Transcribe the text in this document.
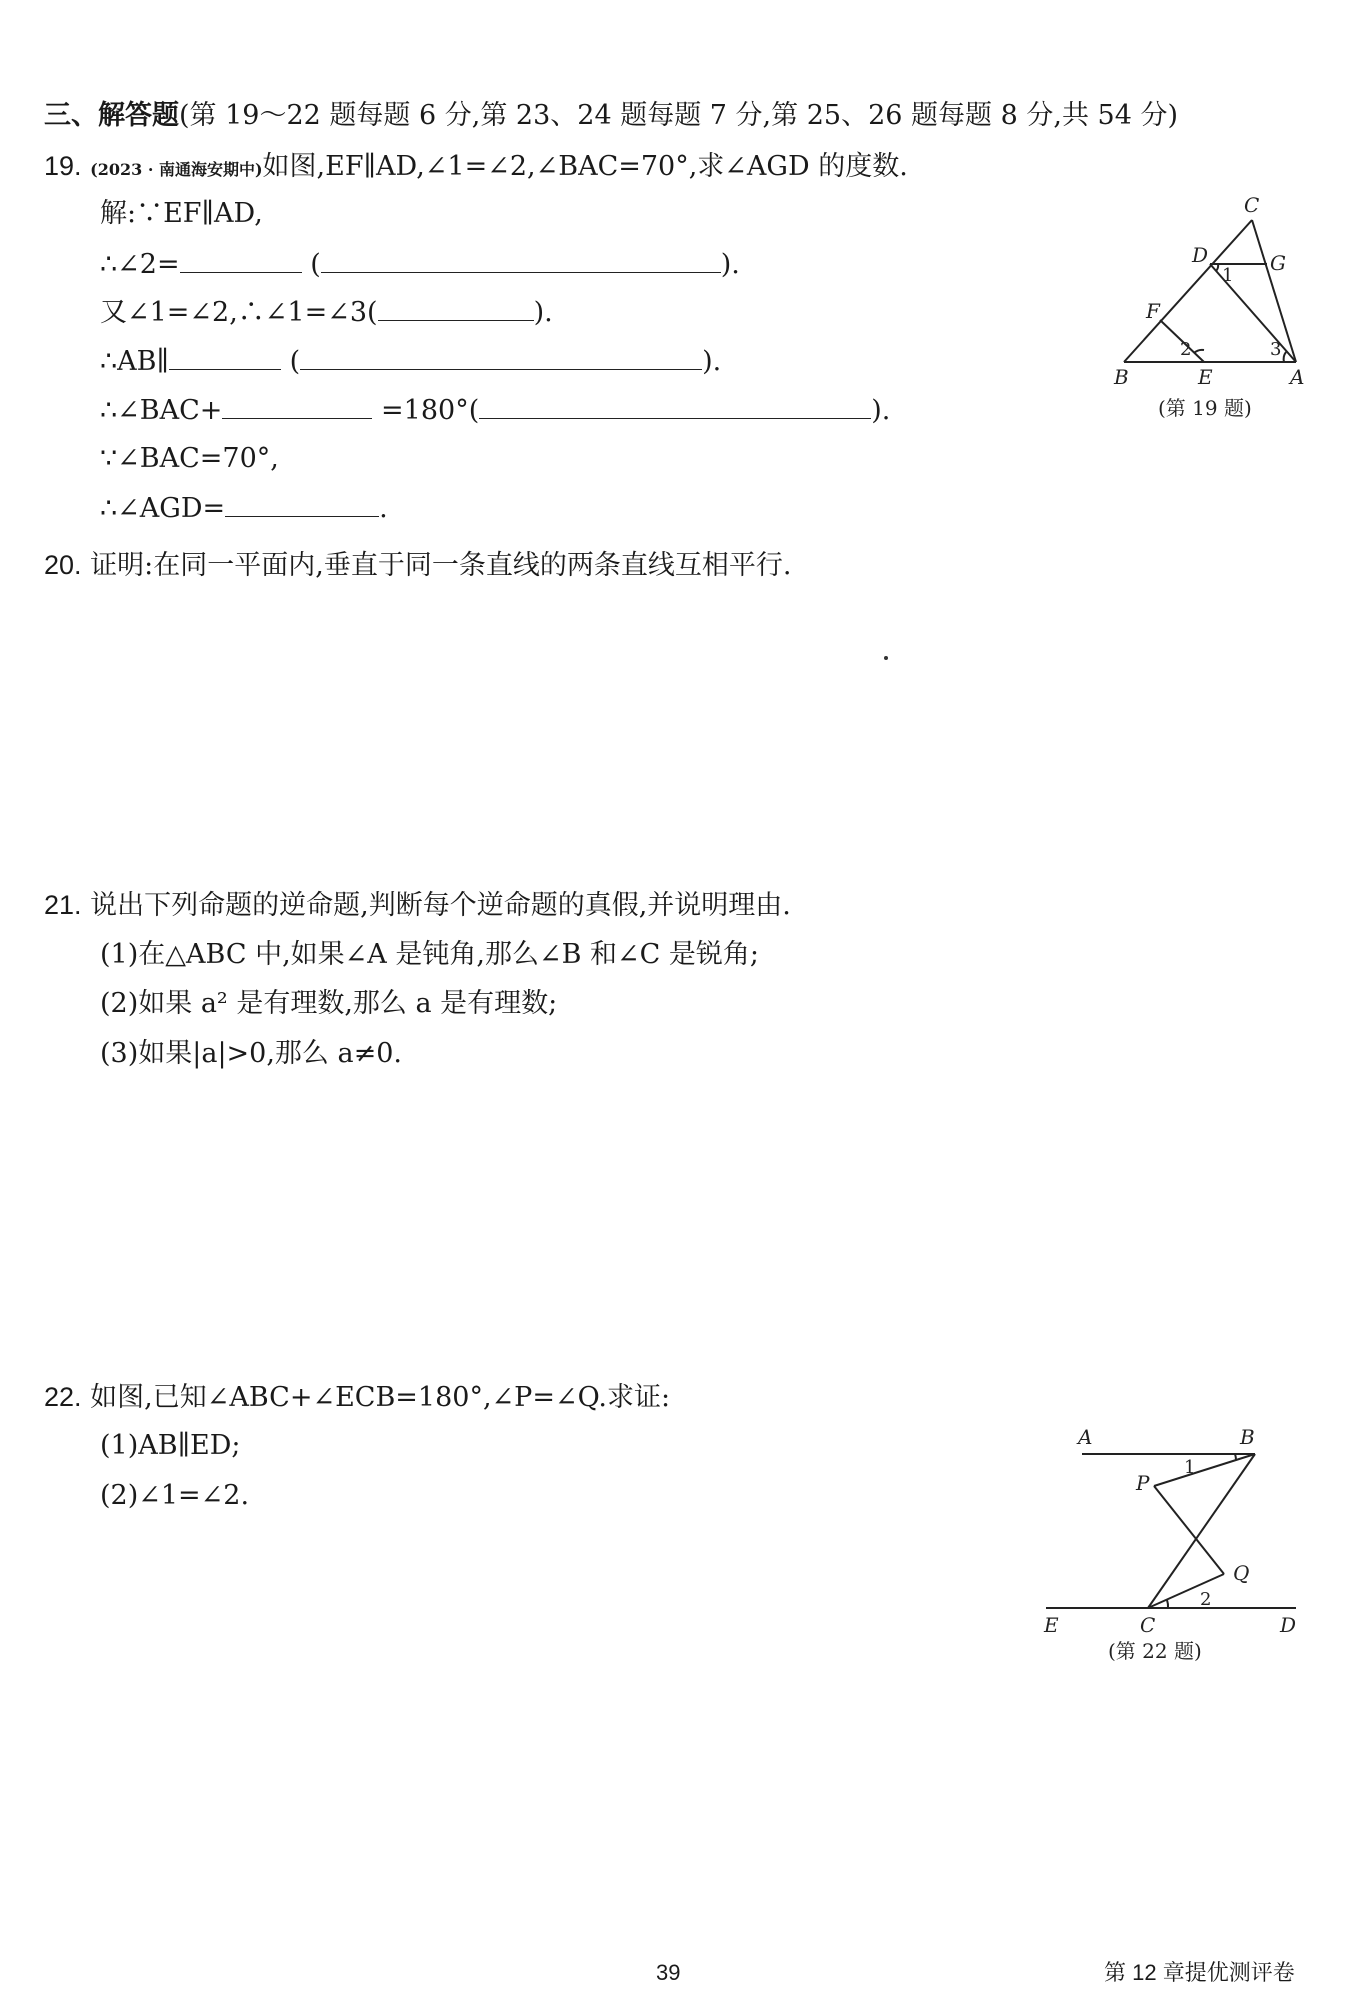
三、解答题(第 19～22 题每题 6 分,第 23、24 题每题 7 分,第 25、26 题每题 8 分,共 54 分)
19. (2023 · 南通海安期中)如图,EF∥AD,∠1=∠2,∠BAC=70°,求∠AGD 的度数.
解:∵EF∥AD,
∴∠2=	(	).
又∠1=∠2,∴∠1=∠3(	).
∴AB∥	(	).
∴∠BAC+	=180°(	).
∵∠BAC=70°,
∴∠AGD=	.
C
D	G
F
B	E	A
1
2	3
(第 19 题)
20. 证明:在同一平面内,垂直于同一条直线的两条直线互相平行.
21. 说出下列命题的逆命题,判断每个逆命题的真假,并说明理由.
(1)在△ABC 中,如果∠A 是钝角,那么∠B 和∠C 是锐角;
(2)如果 a² 是有理数,那么 a 是有理数;
(3)如果|a|>0,那么 a≠0.
22. 如图,已知∠ABC+∠ECB=180°,∠P=∠Q.求证:
(1)AB∥ED;
(2)∠1=∠2.
A	B
P
Q
E	C	D
1
2
(第 22 题)
39	第 12 章提优测评卷
